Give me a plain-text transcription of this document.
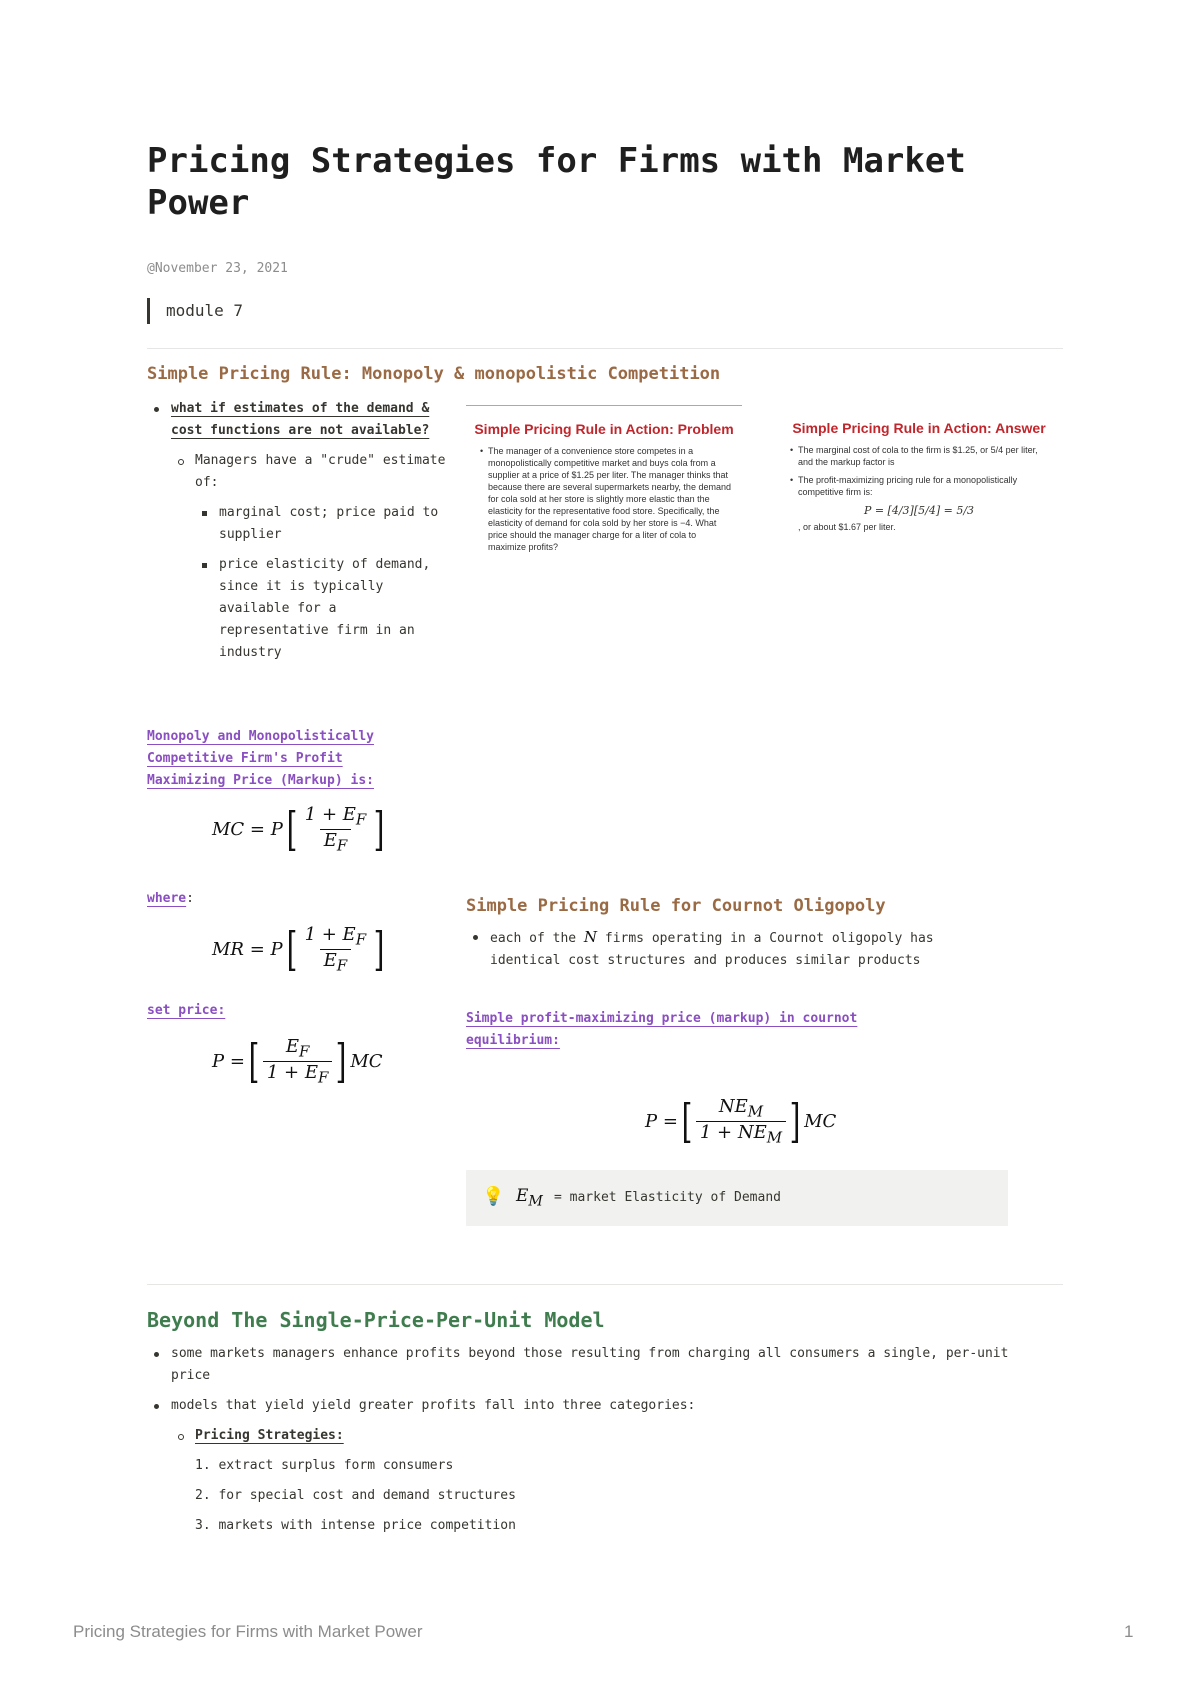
Pricing Strategies for Firms with Market Power
@November 23, 2021
module 7
Simple Pricing Rule: Monopoly & monopolistic Competition
what if estimates of the demand & cost functions are not available?
Managers have a "crude" estimate of:
marginal cost; price paid to supplier
price elasticity of demand, since it is typically available for a representative firm in an industry
Simple Pricing Rule in Action: Problem
• The manager of a convenience store competes in a monopolistically competitive market and buys cola from a supplier at a price of $1.25 per liter. The manager thinks that because there are several supermarkets nearby, the demand for cola sold at her store is slightly more elastic than the elasticity for the representative food store. Specifically, the elasticity of demand for cola sold by her store is −4. What price should the manager charge for a liter of cola to maximize profits?
Simple Pricing Rule in Action: Answer
• The marginal cost of cola to the firm is $1.25, or 5/4 per liter, and the markup factor is
• The profit-maximizing pricing rule for a monopolistically competitive firm is:
P = [4/3][5/4] = 5/3
, or about $1.67 per liter.
Monopoly and Monopolistically Competitive Firm's Profit Maximizing Price (Markup) is:
MC = P [ $\frac{1 + E_F}{E_F}$ ]
where:
MR = P [ $\frac{1 + E_F}{E_F}$ ]
set price:
P = [ $\frac{E_F}{1 + E_F}$ ] MC
Simple Pricing Rule for Cournot Oligopoly
each of the N firms operating in a Cournot oligopoly has identical cost structures and produces similar products
Simple profit-maximizing price (markup) in cournot equilibrium:
P = [ $\frac{NE_M}{1 + NE_M}$ ] MC
💡 $E_M$ = market Elasticity of Demand
Beyond The Single-Price-Per-Unit Model
some markets managers enhance profits beyond those resulting from charging all consumers a single, per-unit price
models that yield yield greater profits fall into three categories:
Pricing Strategies:
1. extract surplus form consumers
2. for special cost and demand structures
3. markets with intense price competition
Pricing Strategies for Firms with Market Power	1
